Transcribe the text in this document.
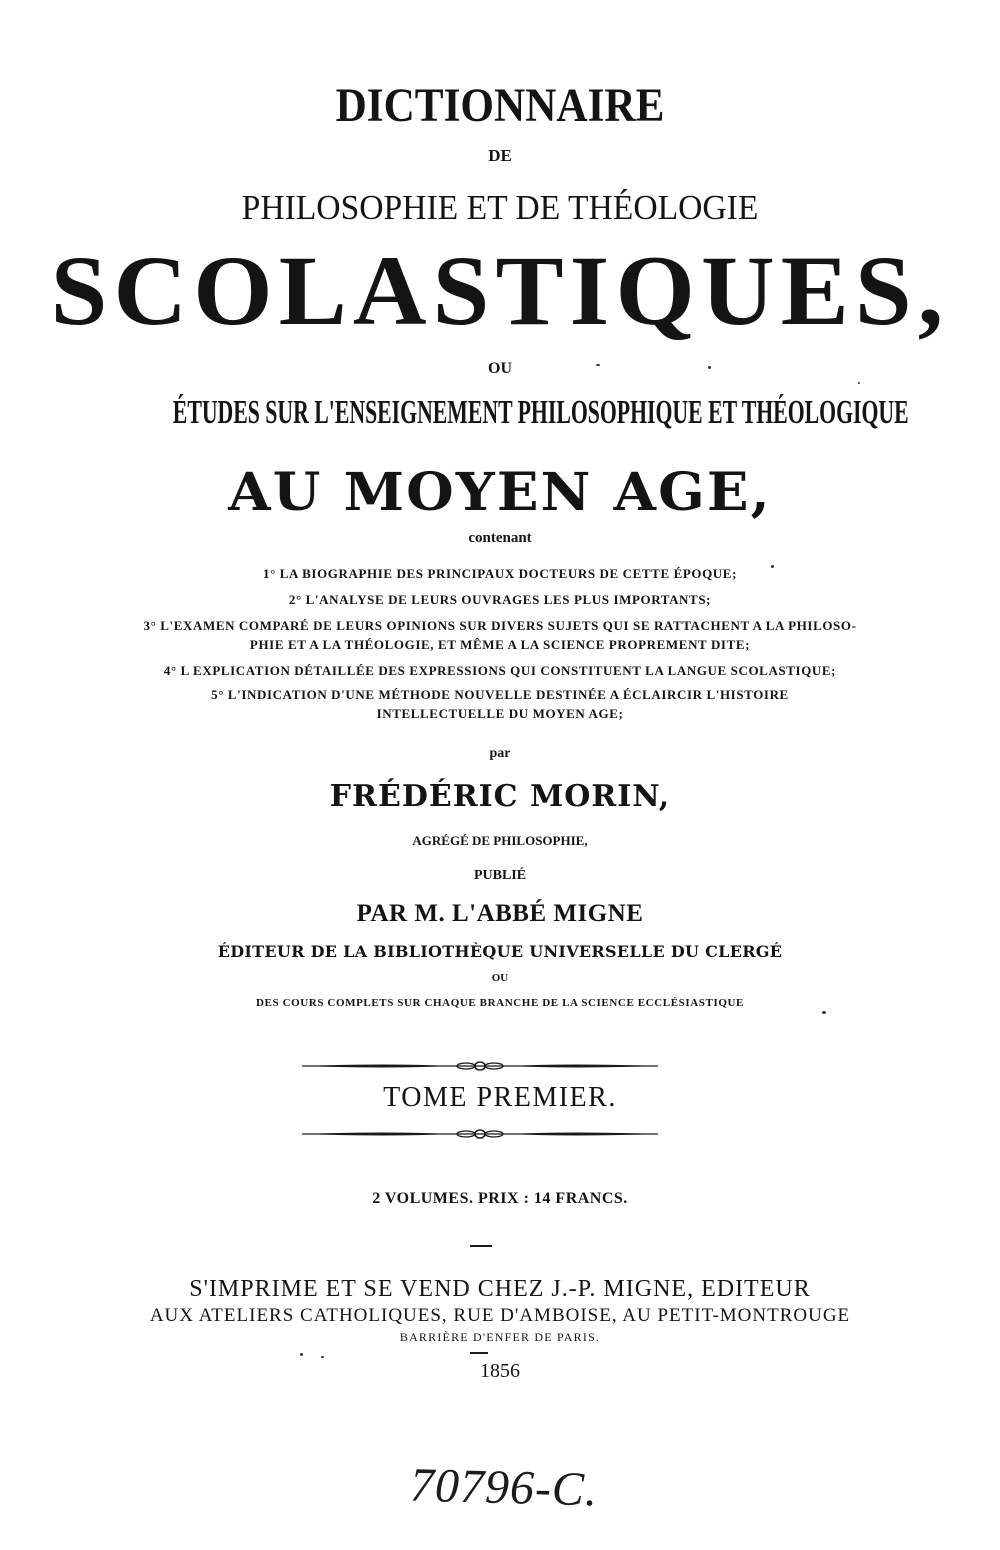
DICTIONNAIRE
DE
PHILOSOPHIE ET DE THÉOLOGIE
SCOLASTIQUES,
OU
ÉTUDES SUR L'ENSEIGNEMENT PHILOSOPHIQUE ET THÉOLOGIQUE
AU MOYEN AGE,
contenant
1° LA BIOGRAPHIE DES PRINCIPAUX DOCTEURS DE CETTE ÉPOQUE;
2° L'ANALYSE DE LEURS OUVRAGES LES PLUS IMPORTANTS;
3° L'EXAMEN COMPARÉ DE LEURS OPINIONS SUR DIVERS SUJETS QUI SE RATTACHENT A LA PHILOSO-
PHIE ET A LA THÉOLOGIE, ET MÊME A LA SCIENCE PROPREMENT DITE;
4° L EXPLICATION DÉTAILLÉE DES EXPRESSIONS QUI CONSTITUENT LA LANGUE SCOLASTIQUE;
5° L'INDICATION D'UNE MÉTHODE NOUVELLE DESTINÉE A ÉCLAIRCIR L'HISTOIRE
INTELLECTUELLE DU MOYEN AGE;
par
FRÉDÉRIC MORIN,
AGRÉGÉ DE PHILOSOPHIE,
PUBLIÉ
PAR M. L'ABBÉ MIGNE
ÉDITEUR DE LA BIBLIOTHÈQUE UNIVERSELLE DU CLERGÉ
OU
DES COURS COMPLETS SUR CHAQUE BRANCHE DE LA SCIENCE ECCLÉSIASTIQUE
TOME PREMIER.
2 VOLUMES. PRIX : 14 FRANCS.
S'IMPRIME ET SE VEND CHEZ J.-P. MIGNE, EDITEUR
AUX ATELIERS CATHOLIQUES, RUE D'AMBOISE, AU PETIT-MONTROUGE
BARRIÈRE D'ENFER DE PARIS.
1856
70796-C.
